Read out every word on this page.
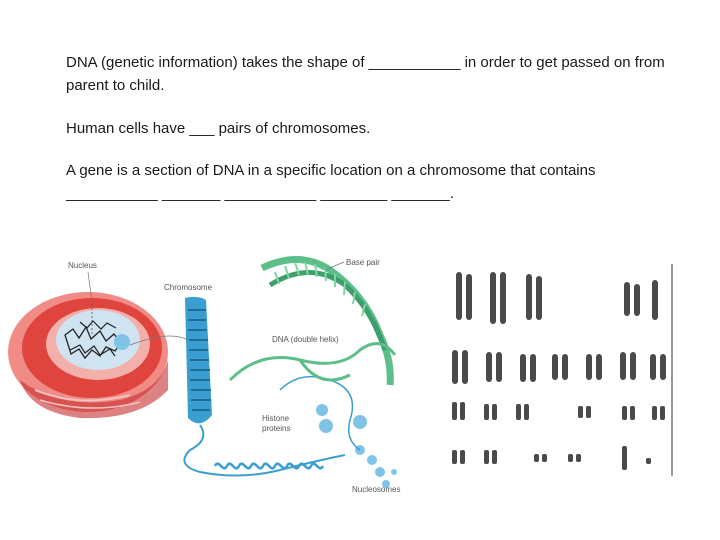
DNA (genetic information) takes the shape of ___________ in order to get passed on from parent to child.
Human cells have ___ pairs of chromosomes.
A gene is a section of DNA in a specific location on a chromosome that contains ___________ _______ ___________ ________ _______.
Nucleus
Chromosome
Nucleosomes
Histone
proteins
Base pair
DNA (double helix)
